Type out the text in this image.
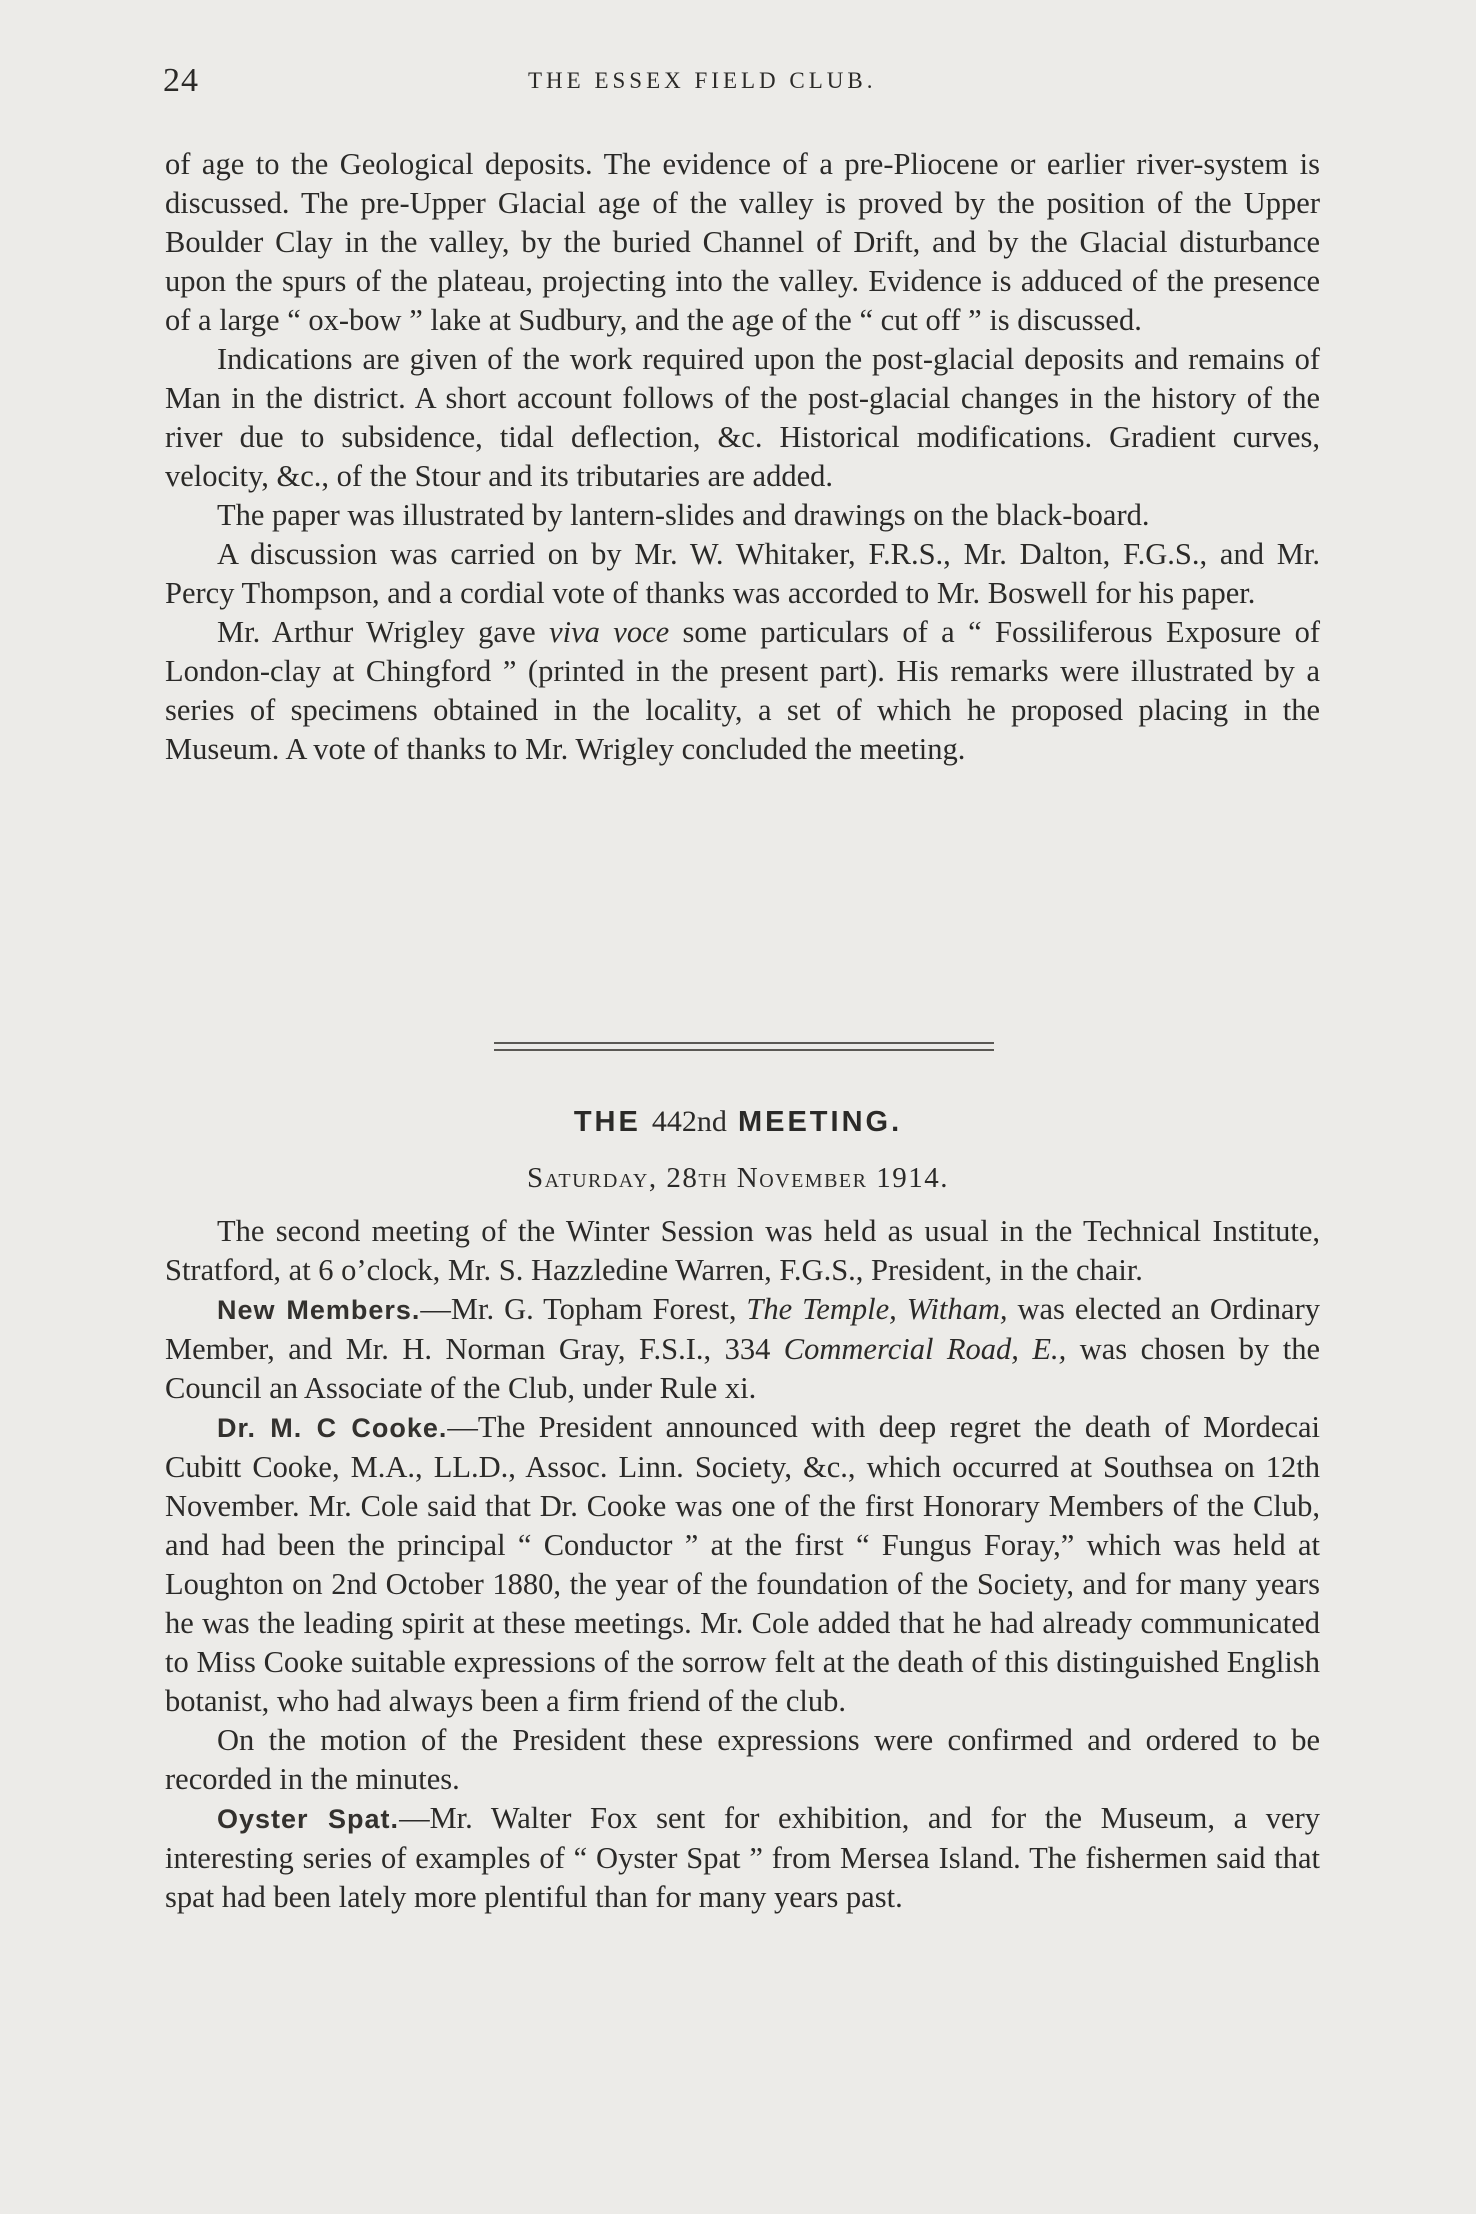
24	THE ESSEX FIELD CLUB.

of age to the Geological deposits. The evidence of a pre-Pliocene or earlier river-system is discussed. The pre-Upper Glacial age of the valley is proved by the position of the Upper Boulder Clay in the valley, by the buried Channel of Drift, and by the Glacial disturbance upon the spurs of the plateau, projecting into the valley. Evidence is adduced of the presence of a large “ ox-bow ” lake at Sudbury, and the age of the “ cut off ” is discussed.

Indications are given of the work required upon the post-glacial deposits and remains of Man in the district. A short account follows of the post-glacial changes in the history of the river due to subsidence, tidal deflection, &c. Historical modifications. Gradient curves, velocity, &c., of the Stour and its tributaries are added.

The paper was illustrated by lantern-slides and drawings on the black-board.

A discussion was carried on by Mr. W. Whitaker, F.R.S., Mr. Dalton, F.G.S., and Mr. Percy Thompson, and a cordial vote of thanks was accorded to Mr. Boswell for his paper.

Mr. Arthur Wrigley gave viva voce some particulars of a “ Fossiliferous Exposure of London-clay at Chingford ” (printed in the present part). His remarks were illustrated by a series of specimens obtained in the locality, a set of which he proposed placing in the Museum. A vote of thanks to Mr. Wrigley concluded the meeting.

THE 442nd MEETING.
Saturday, 28th November 1914.

The second meeting of the Winter Session was held as usual in the Technical Institute, Stratford, at 6 o’clock, Mr. S. Hazzledine Warren, F.G.S., President, in the chair.

New Members.—Mr. G. Topham Forest, The Temple, Witham, was elected an Ordinary Member, and Mr. H. Norman Gray, F.S.I., 334 Commercial Road, E., was chosen by the Council an Associate of the Club, under Rule xi.

Dr. M. C Cooke.—The President announced with deep regret the death of Mordecai Cubitt Cooke, M.A., LL.D., Assoc. Linn. Society, &c., which occurred at Southsea on 12th November. Mr. Cole said that Dr. Cooke was one of the first Honorary Members of the Club, and had been the principal “ Conductor ” at the first “ Fungus Foray,” which was held at Loughton on 2nd October 1880, the year of the foundation of the Society, and for many years he was the leading spirit at these meetings. Mr. Cole added that he had already communicated to Miss Cooke suitable expressions of the sorrow felt at the death of this distinguished English botanist, who had always been a firm friend of the club.

On the motion of the President these expressions were confirmed and ordered to be recorded in the minutes.

Oyster Spat.—Mr. Walter Fox sent for exhibition, and for the Museum, a very interesting series of examples of “ Oyster Spat ” from Mersea Island. The fishermen said that spat had been lately more plentiful than for many years past.
